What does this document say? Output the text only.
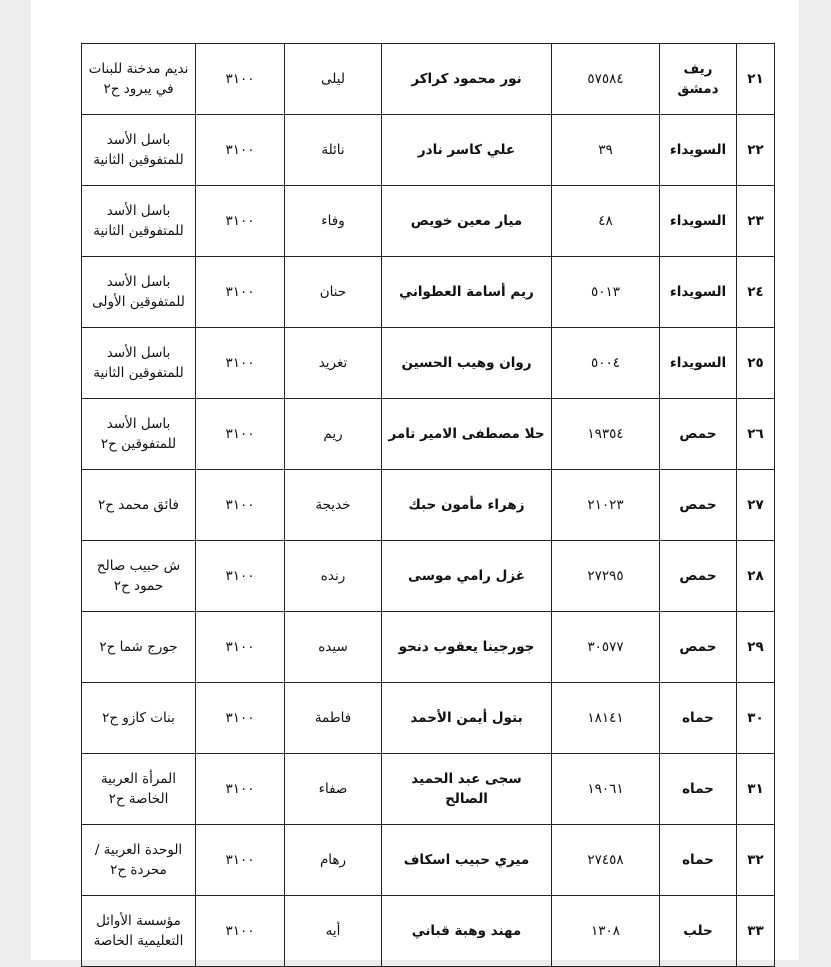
٢١	ريف دمشق	٥٧٥٨٤	نور محمود كراكر	ليلى	٣١٠٠	نديم مدخنة للبنات في يبرود ح٢
٢٢	السويداء	٣٩	علي كاسر نادر	نائلة	٣١٠٠	باسل الأسد للمتفوقين الثانية
٢٣	السويداء	٤٨	ميار معين خويص	وفاء	٣١٠٠	باسل الأسد للمتفوقين الثانية
٢٤	السويداء	٥٠١٣	ريم أسامة العطواني	حنان	٣١٠٠	باسل الأسد للمتفوقين الأولى
٢٥	السويداء	٥٠٠٤	روان وهيب الحسين	تغريد	٣١٠٠	باسل الأسد للمتفوقين الثانية
٢٦	حمص	١٩٣٥٤	حلا مصطفى الامير تامر	ريم	٣١٠٠	باسل الأسد للمتفوقين ح٢
٢٧	حمص	٢١٠٢٣	زهراء مأمون حبك	خديجة	٣١٠٠	فائق محمد ح٢
٢٨	حمص	٢٧٢٩٥	غزل رامي موسى	رنده	٣١٠٠	ش حبيب صالح حمود ح٢
٢٩	حمص	٣٠٥٧٧	جورجينا يعقوب دنحو	سيده	٣١٠٠	جورج شما ح٢
٣٠	حماه	١٨١٤١	بتول أيمن الأحمد	فاطمة	٣١٠٠	بنات كازو ح٢
٣١	حماه	١٩٠٦١	سجى عبد الحميد الصالح	صفاء	٣١٠٠	المرأة العربية الخاصة ح٢
٣٢	حماه	٢٧٤٥٨	ميري حبيب اسكاف	رهام	٣١٠٠	الوحدة العربية / محردة ح٢
٣٣	حلب	١٣٠٨	مهند وهبة قباني	أيه	٣١٠٠	مؤسسة الأوائل التعليمية الخاصة
